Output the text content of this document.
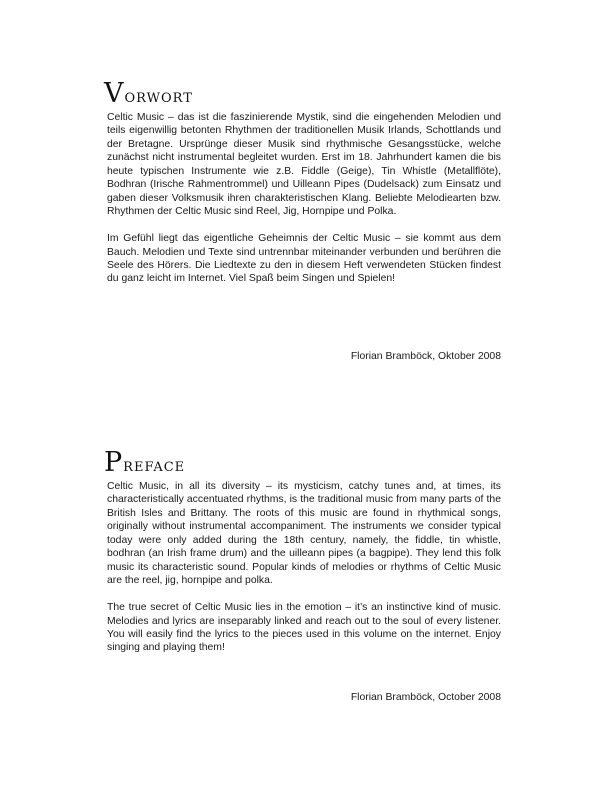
Vorwort

Celtic Music – das ist die faszinierende Mystik, sind die eingehenden Melodien und teils eigenwillig betonten Rhythmen der traditionellen Musik Irlands, Schottlands und der Bretagne. Ursprünge dieser Musik sind rhythmische Gesangsstücke, welche zunächst nicht instrumental begleitet wurden. Erst im 18. Jahrhundert kamen die bis heute typischen Instrumente wie z.B. Fiddle (Geige), Tin Whistle (Metallflöte), Bodhran (Irische Rahmentrommel) und Uilleann Pipes (Dudelsack) zum Einsatz und gaben dieser Volksmusik ihren charakteristischen Klang. Beliebte Melodiearten bzw. Rhythmen der Celtic Music sind Reel, Jig, Hornpipe und Polka.

Im Gefühl liegt das eigentliche Geheimnis der Celtic Music – sie kommt aus dem Bauch. Melodien und Texte sind untrennbar miteinander verbunden und berühren die Seele des Hörers. Die Liedtexte zu den in diesem Heft verwendeten Stücken findest du ganz leicht im Internet. Viel Spaß beim Singen und Spielen!

Florian Bramböck, Oktober 2008
Preface

Celtic Music, in all its diversity – its mysticism, catchy tunes and, at times, its characteristically accentuated rhythms, is the traditional music from many parts of the British Isles and Brittany. The roots of this music are found in rhythmical songs, originally without instrumental accompaniment. The instruments we consider typical today were only added during the 18th century, namely, the fiddle, tin whistle, bodhran (an Irish frame drum) and the uilleann pipes (a bagpipe). They lend this folk music its characteristic sound. Popular kinds of melodies or rhythms of Celtic Music are the reel, jig, hornpipe and polka.

The true secret of Celtic Music lies in the emotion – it’s an instinctive kind of music. Melodies and lyrics are inseparably linked and reach out to the soul of every listener. You will easily find the lyrics to the pieces used in this volume on the internet. Enjoy singing and playing them!

Florian Bramböck, October 2008
